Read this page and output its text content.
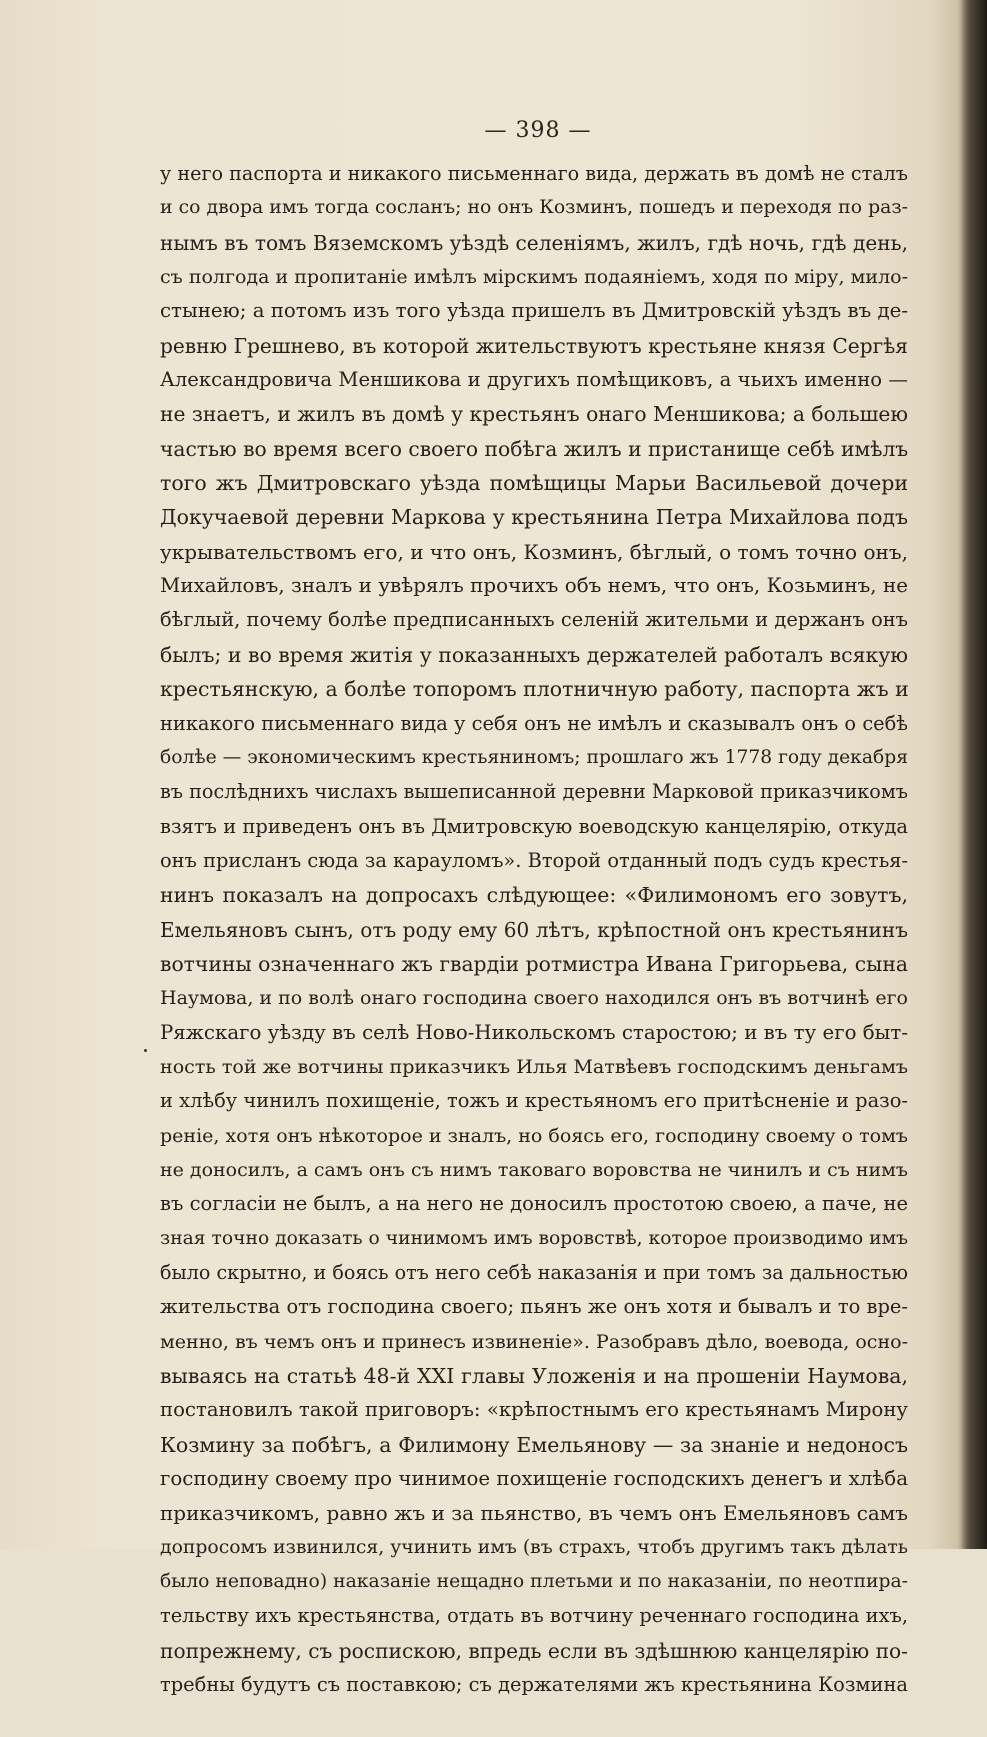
— 398 —
у него паспорта и никакого письменнаго вида, держать въ домѣ не сталъ
и со двора имъ тогда сосланъ; но онъ Козминъ, пошедъ и переходя по раз-
нымъ въ томъ Вяземскомъ уѣздѣ селеніямъ, жилъ, гдѣ ночь, гдѣ день,
съ полгода и пропитаніе имѣлъ мірскимъ подаяніемъ, ходя по міру, мило-
стынею; а потомъ изъ того уѣзда пришелъ въ Дмитровскій уѣздъ въ де-
ревню Грешнево, въ которой жительствуютъ крестьяне князя Сергѣя
Александровича Меншикова и другихъ помѣщиковъ, а чьихъ именно —
не знаетъ, и жилъ въ домѣ у крестьянъ онаго Меншикова; а большею
частью во время всего своего побѣга жилъ и пристанище себѣ имѣлъ
того жъ Дмитровскаго уѣзда помѣщицы Марьи Васильевой дочери
Докучаевой деревни Маркова у крестьянина Петра Михайлова подъ
укрывательствомъ его, и что онъ, Козминъ, бѣглый, о томъ точно онъ,
Михайловъ, зналъ и увѣрялъ прочихъ объ немъ, что онъ, Козьминъ, не
бѣглый, почему болѣе предписанныхъ селеній жительми и держанъ онъ
былъ; и во время житія у показанныхъ держателей работалъ всякую
крестьянскую, а болѣе топоромъ плотничную работу, паспорта жъ и
никакого письменнаго вида у себя онъ не имѣлъ и сказывалъ онъ о себѣ
болѣе — экономическимъ крестьяниномъ; прошлаго жъ 1778 году декабря
въ послѣднихъ числахъ вышеписанной деревни Марковой приказчикомъ
взятъ и приведенъ онъ въ Дмитровскую воеводскую канцелярію, откуда
онъ присланъ сюда за карауломъ». Второй отданный подъ судъ крестья-
нинъ показалъ на допросахъ слѣдующее: «Филимономъ его зовутъ,
Емельяновъ сынъ, отъ роду ему 60 лѣтъ, крѣпостной онъ крестьянинъ
вотчины означеннаго жъ гвардіи ротмистра Ивана Григорьева, сына
Наумова, и по волѣ онаго господина своего находился онъ въ вотчинѣ его
Ряжскаго уѣзду въ селѣ Ново-Никольскомъ старостою; и въ ту его быт-
ность той же вотчины приказчикъ Илья Матвѣевъ господскимъ деньгамъ
и хлѣбу чинилъ похищеніе, тожъ и крестьяномъ его притѣсненіе и разо-
реніе, хотя онъ нѣкоторое и зналъ, но боясь его, господину своему о томъ
не доносилъ, а самъ онъ съ нимъ таковаго воровства не чинилъ и съ нимъ
въ согласіи не былъ, а на него не доносилъ простотою своею, а паче, не
зная точно доказать о чинимомъ имъ воровствѣ, которое производимо имъ
было скрытно, и боясь отъ него себѣ наказанія и при томъ за дальностью
жительства отъ господина своего; пьянъ же онъ хотя и бывалъ и то вре-
менно, въ чемъ онъ и принесъ извиненіе». Разобравъ дѣло, воевода, осно-
вываясь на статьѣ 48-й XXI главы Уложенія и на прошеніи Наумова,
постановилъ такой приговоръ: «крѣпостнымъ его крестьянамъ Мирону
Козмину за побѣгъ, а Филимону Емельянову — за знаніе и недоносъ
господину своему про чинимое похищеніе господскихъ денегъ и хлѣба
приказчикомъ, равно жъ и за пьянство, въ чемъ онъ Емельяновъ самъ
допросомъ извинился, учинить имъ (въ страхъ, чтобъ другимъ такъ дѣлать
было неповадно) наказаніе нещадно плетьми и по наказаніи, по неотпира-
тельству ихъ крестьянства, отдать въ вотчину реченнаго господина ихъ,
попрежнему, съ роспискою, впредь если въ здѣшнюю канцелярію по-
требны будутъ съ поставкою; съ держателями жъ крестьянина Козмина
